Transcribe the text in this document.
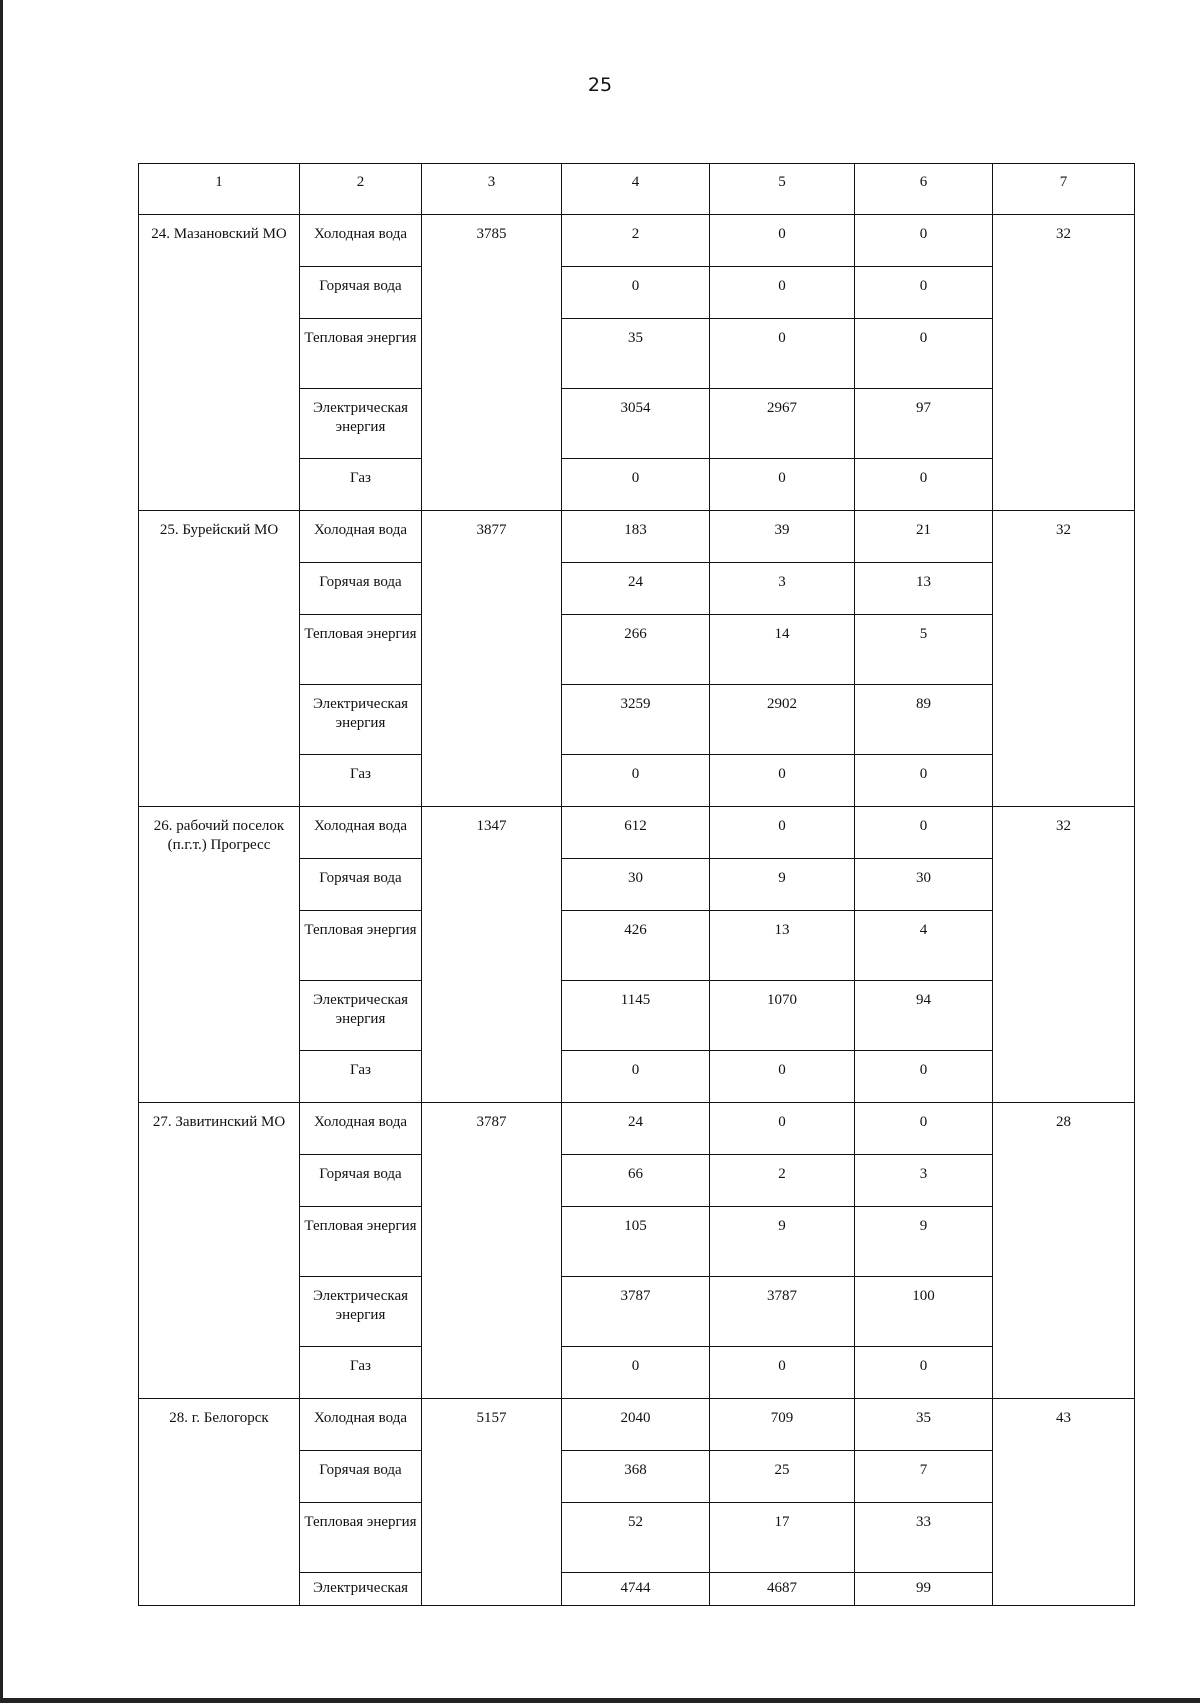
25
1	2	3	4	5	6	7
24. Мазановский МО	Холодная вода	3785	2	0	0	32
	Горячая вода		0	0	0	
	Тепловая энергия		35	0	0	
	Электрическая энергия		3054	2967	97	
	Газ		0	0	0	
25. Бурейский МО	Холодная вода	3877	183	39	21	32
	Горячая вода		24	3	13	
	Тепловая энергия		266	14	5	
	Электрическая энергия		3259	2902	89	
	Газ		0	0	0	
26. рабочий поселок (п.г.т.) Прогресс	Холодная вода	1347	612	0	0	32
	Горячая вода		30	9	30	
	Тепловая энергия		426	13	4	
	Электрическая энергия		1145	1070	94	
	Газ		0	0	0	
27. Завитинский МО	Холодная вода	3787	24	0	0	28
	Горячая вода		66	2	3	
	Тепловая энергия		105	9	9	
	Электрическая энергия		3787	3787	100	
	Газ		0	0	0	
28. г. Белогорск	Холодная вода	5157	2040	709	35	43
	Горячая вода		368	25	7	
	Тепловая энергия		52	17	33	
	Электрическая		4744	4687	99	
